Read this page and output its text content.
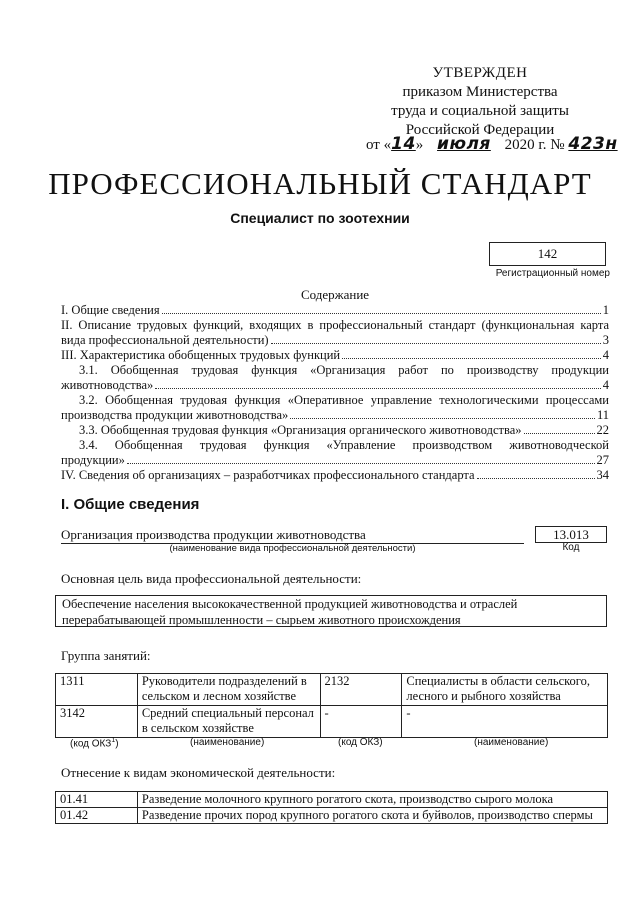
УТВЕРЖДЕН
приказом Министерства
труда и социальной защиты
Российской Федерации
от «14» июля 2020 г. № 423н
ПРОФЕССИОНАЛЬНЫЙ СТАНДАРТ
Специалист по зоотехнии
142
Регистрационный номер
Содержание
I. Общие сведения	1
II. Описание трудовых функций, входящих в профессиональный стандарт (функциональная карта
вида профессиональной деятельности)	3
III. Характеристика обобщенных трудовых функций	4
3.1. Обобщенная трудовая функция «Организация работ по производству продукции
животноводства»	4
3.2. Обобщенная трудовая функция «Оперативное управление технологическими процессами
производства продукции животноводства»	11
3.3. Обобщенная трудовая функция «Организация органического животноводства»	22
3.4. Обобщенная трудовая функция «Управление производством животноводческой
продукции»	27
IV. Сведения об организациях – разработчиках профессионального стандарта	34
I. Общие сведения
Организация производства продукции животноводства
(наименование вида профессиональной деятельности)
13.013
Код
Основная цель вида профессиональной деятельности:
Обеспечение населения высококачественной продукцией животноводства и отраслей
перерабатывающей промышленности – сырьем животного происхождения
Группа занятий:
1311	Руководители подразделений в сельском и лесном хозяйстве	2132	Специалисты в области сельского, лесного и рыбного хозяйства
3142	Средний специальный персонал в сельском хозяйстве	-	-
(код ОКЗ$^1$)	(наименование)	(код ОКЗ)	(наименование)
Отнесение к видам экономической деятельности:
01.41	Разведение молочного крупного рогатого скота, производство сырого молока
01.42	Разведение прочих пород крупного рогатого скота и буйволов, производство спермы
